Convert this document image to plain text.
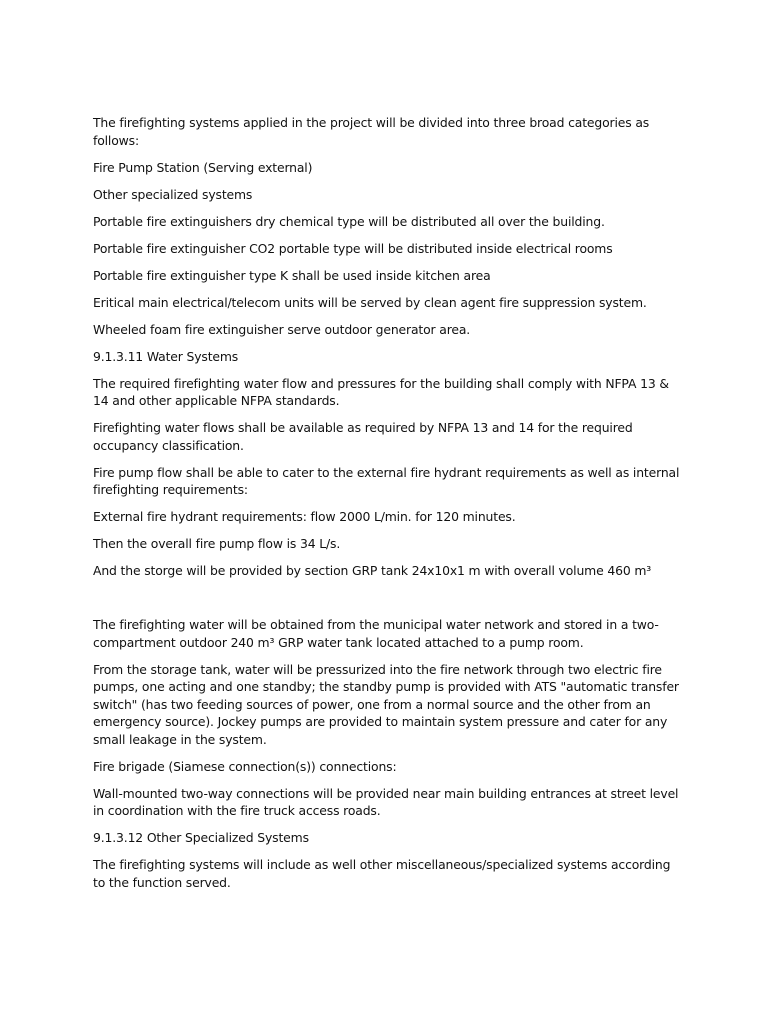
The firefighting systems applied in the project will be divided into three broad categories as follows:

Fire Pump Station (Serving external)

Other specialized systems

Portable fire extinguishers dry chemical type will be distributed all over the building.

Portable fire extinguisher CO2 portable type will be distributed inside electrical rooms

Portable fire extinguisher type K shall be used inside kitchen area

Eritical main electrical/telecom units will be served by clean agent fire suppression system.

Wheeled foam fire extinguisher serve outdoor generator area.

9.1.3.11 Water Systems

The required firefighting water flow and pressures for the building shall comply with NFPA 13 & 14 and other applicable NFPA standards.

Firefighting water flows shall be available as required by NFPA 13 and 14 for the required occupancy classification.

Fire pump flow shall be able to cater to the external fire hydrant requirements as well as internal firefighting requirements:

External fire hydrant requirements: flow 2000 L/min. for 120 minutes.

Then the overall fire pump flow is 34 L/s.

And the storge will be provided by section GRP tank 24x10x1 m with overall volume 460 m³

The firefighting water will be obtained from the municipal water network and stored in a two-compartment outdoor 240 m³ GRP water tank located attached to a pump room.

From the storage tank, water will be pressurized into the fire network through two electric fire pumps, one acting and one standby; the standby pump is provided with ATS "automatic transfer switch" (has two feeding sources of power, one from a normal source and the other from an emergency source). Jockey pumps are provided to maintain system pressure and cater for any small leakage in the system.

Fire brigade (Siamese connection(s)) connections:

Wall-mounted two-way connections will be provided near main building entrances at street level in coordination with the fire truck access roads.

9.1.3.12 Other Specialized Systems

The firefighting systems will include as well other miscellaneous/specialized systems according to the function served.
